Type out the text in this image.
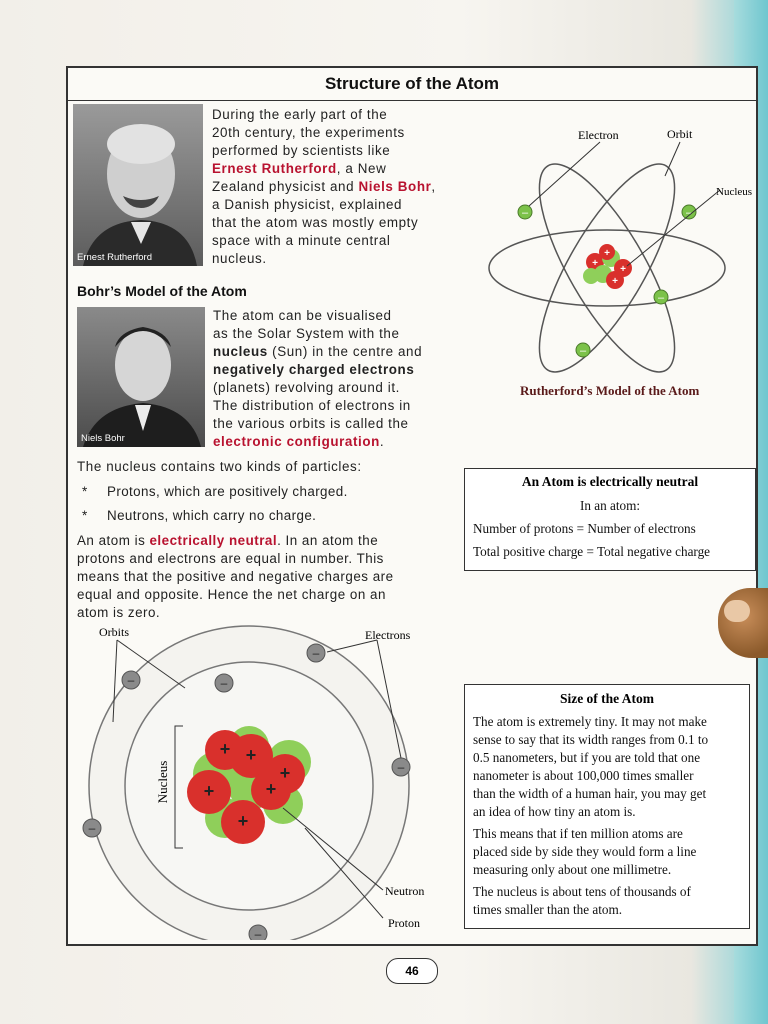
Structure of the Atom
Ernest Rutherford
During the early part of the
20th century, the experiments
performed by scientists like
Ernest Rutherford, a New
Zealand physicist and Niels Bohr,
a Danish physicist, explained
that the atom was mostly empty
space with a minute central
nucleus.
Bohr’s Model of the Atom
Niels Bohr
The atom can be visualised
as the Solar System with the
nucleus (Sun) in the centre and
negatively charged electrons
(planets) revolving around it.
The distribution of electrons in
the various orbits is called the
electronic configuration.
The nucleus contains two kinds of particles:
* Protons, which are positively charged.
* Neutrons, which carry no charge.
An atom is electrically neutral. In an atom the
protons and electrons are equal in number. This
means that the positive and negative charges are
equal and opposite. Hence the net charge on an
atom is zero.
+
+
+
+
–	–
–
–
Electron	Orbit
Nucleus
Rutherford’s Model of the Atom
An Atom is electrically neutral
In an atom:
Number of protons = Number of electrons
Total positive charge = Total negative charge
+ +
+
+	+
+
Nucleus
–
–	–
–
–
–
Orbits	Electrons
Neutron
Proton
Size of the Atom
The atom is extremely tiny. It may not make
sense to say that its width ranges from 0.1 to
0.5 nanometers, but if you are told that one
nanometer is about 100,000 times smaller
than the width of a human hair, you may get
an idea of how tiny an atom is.
This means that if ten million atoms are
placed side by side they would form a line
measuring only about one millimetre.
The nucleus is about tens of thousands of
times smaller than the atom.
46
